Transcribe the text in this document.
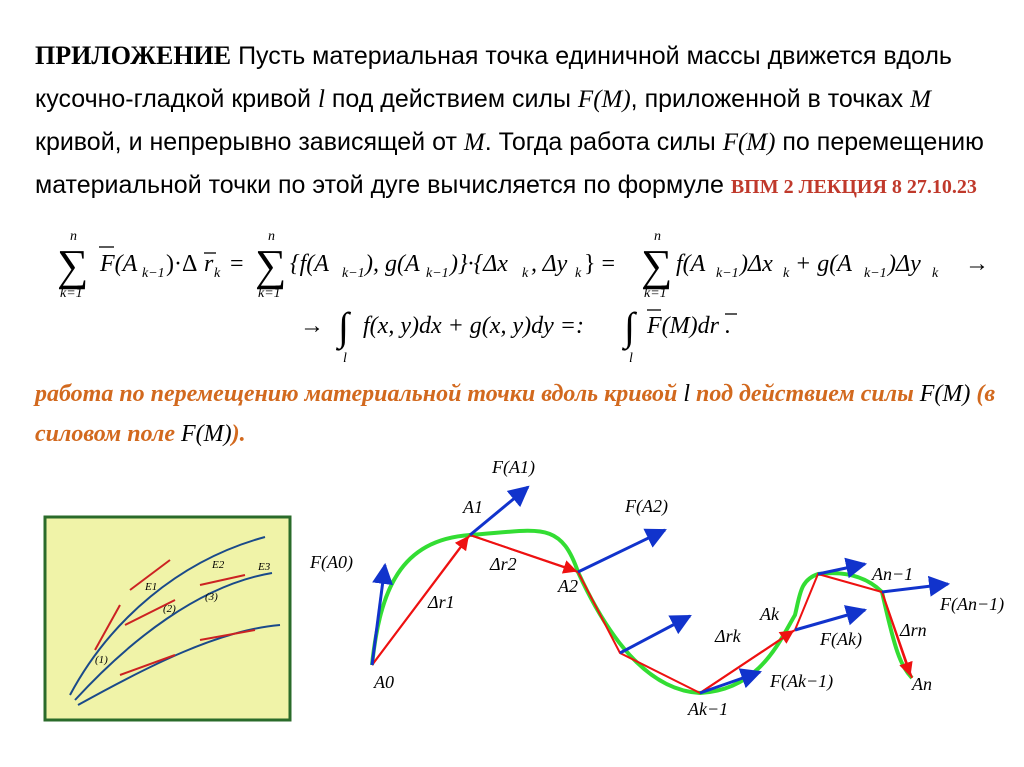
ПРИЛОЖЕНИЕ Пусть материальная точка единичной массы движется вдоль кусочно-гладкой кривой l под действием силы F(M), приложенной в точках M кривой, и непрерывно зависящей от M. Тогда работа силы F(M) по перемещению материальной точки по этой дуге вычисляется по формуле ВПМ 2 ЛЕКЦИЯ 8 27.10.23
∑
n
k=1
F(A k−1 )·Δ r k = ∑
n
k=1
{f(A k−1 ), g(A k−1 )}·{Δx k , Δy k } = ∑
n
k=1
f(A k−1 )Δx k + g(A k−1 )Δy k →
→ ∫
l
f(x, y)dx + g(x, y)dy =: ∫
l
F(M)dr .
работа по перемещению материальной точки вдоль кривой l под действием силы F(M) (в силовом поле F(M)).
E1
E2	E3
(1)
(2)
(3)
F(A0)
F(A1)
F(A2)
F(Ak)
F(Ak−1)
F(An−1)
A0
A1
A2
Ak
Ak−1
An−1
An
Δr1
Δr2
Δrk	Δrn
